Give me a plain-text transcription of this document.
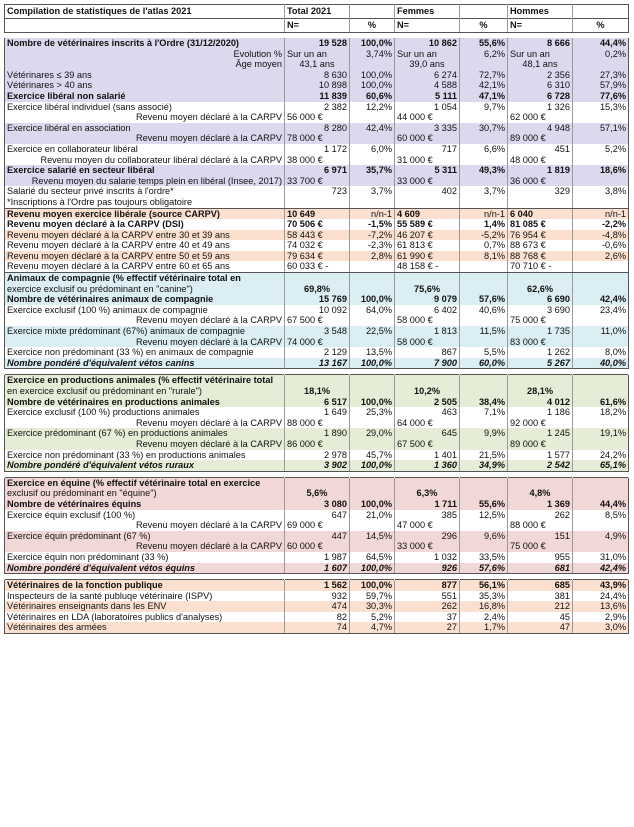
Compilation de statistiques de l'atlas 2021	Total 2021		Femmes		Hommes	
	N=	%	N=	%	N=	%

Nombre de vétérinaires inscrits à l'Ordre (31/12/2020)	19 528	100,0%	10 862	55,6%	8 666	44,4%
Evolution %	Sur un an	3,74%	Sur un an	6,2%	Sur un an	0,2%
Âge moyen	43,1 ans		39,0 ans		48,1 ans	
Vétérinares ≤ 39 ans	8 630	100,0%	6 274	72,7%	2 356	27,3%
Vétérinares > 40 ans	10 898	100,0%	4 588	42,1%	6 310	57,9%
Exercice libéral non salarié	11 839	60,6%	5 111	47,1%	6 728	77,6%
Exercice libéral individuel (sans associé)	2 382	12,2%	1 054	9,7%	1 326	15,3%
Revenu moyen déclaré à la CARPV	56 000 €		44 000 €		62 000 €	
Exercice libéral en association	8 280	42,4%	3 335	30,7%	4 948	57,1%
Revenu moyen déclaré à la CARPV	78 000 €		60 000 €		89 000 €	
Exercice en collaborateur libéral	1 172	6,0%	717	6,6%	451	5,2%
Revenu moyen du collaborateur libéral déclaré à la CARPV	38 000 €		31 000 €		48 000 €	
Exercice salarié en secteur libéral	6 971	35,7%	5 311	49,3%	1 819	18,6%
Revenu moyen du salarie temps plein en libéral (Insee, 2017)	33 700 €		33 000 €		36 000 €	
Salarié du secteur privé inscrits à l'ordre*	723	3,7%	402	3,7%	329	3,8%
*Inscriptions à l'Ordre pas toujours obligatoire						
Revenu moyen exercice libérale (source CARPV)	10 649	n/n-1	4 609	n/n-1	6 040	n/n-1
Revenu moyen déclaré à la CARPV (DSI)	70 506 €	-1,5%	55 589 €	1,4%	81 085 €	-2,2%
Revenu moyen déclaré à la CARPV entre 30 et 39 ans	58 443 €	-7,2%	46 207 €	-5,2%	76 954 €	-4,8%
Revenu moyen déclaré à la CARPV entre 40 et 49 ans	74 032 €	-2,3%	61 813 €	0,7%	88 673 €	-0,6%
Revenu moyen déclaré à la CARPV entre 50 et 59 ans	79 634 €	2,8%	61 990 €	8,1%	88 768 €	2,6%
Revenu moyen déclaré à la CARPV entre 60 et 65 ans	60 033 € -		48 158 € -		70 710 € -	
Animaux de compagnie (% effectif vétérinaire total en						
exercice exclusif ou prédominant en "canine")	69,8%		75,6%		62,6%	
Nombre de vétérinaires animaux de compagnie	15 769	100,0%	9 079	57,6%	6 690	42,4%
Exercice exclusif (100 %) animaux de compagnie	10 092	64,0%	6 402	40,6%	3 690	23,4%
Revenu moyen déclaré à la CARPV	67 500 €		58 000 €		75 000 €	
Exercice mixte prédominant (67%) animaux de compagnie	3 548	22,5%	1 813	11,5%	1 735	11,0%
Revenu moyen déclaré à la CARPV	74 000 €		58 000 €		83 000 €	
Exercice non prédominant (33 %) en animaux de compagnie	2 129	13,5%	867	5,5%	1 262	8,0%
Nombre pondéré d'équivalent vétos canins	13 167	100,0%	7 900	60,0%	5 267	40,0%

Exercice en productions animales (% effectif vétérinaire total						
en exercice exclusif ou prédominant en "rurale")	18,1%		10,2%		28,1%	
Nombre de vétérinaires en productions animales	6 517	100,0%	2 505	38,4%	4 012	61,6%
Exercice exclusif (100 %) productions animales	1 649	25,3%	463	7,1%	1 186	18,2%
Revenu moyen déclaré à la CARPV	88 000 €		64 000 €		92 000 €	
Exercice prédominant (67 %) en productions animales	1 890	29,0%	645	9,9%	1 245	19,1%
Revenu moyen déclaré à la CARPV	86 000 €		67 500 €		89 000 €	
Exercice non prédominant (33 %) en productions animales	2 978	45,7%	1 401	21,5%	1 577	24,2%
Nombre pondéré d'équivalent vétos ruraux	3 902	100,0%	1 360	34,9%	2 542	65,1%

Exercice en équine (% effectif vétérinaire total en exercice						
exclusif ou prédominant en "équine")	5,6%		6,3%		4,8%	
Nombre de vétérinaires équins	3 080	100,0%	1 711	55,6%	1 369	44,4%
Exercice équin exclusif (100 %)	647	21,0%	385	12,5%	262	8,5%
Revenu moyen déclaré à la CARPV	69 000 €		47 000 €		88 000 €	
Exercice équin prédominant (67 %)	447	14,5%	296	9,6%	151	4,9%
Revenu moyen déclaré à la CARPV	60 000 €		33 000 €		75 000 €	
Exercice équin non prédominant (33 %)	1 987	64,5%	1 032	33,5%	955	31,0%
Nombre pondéré d'équivalent vétos équins	1 607	100,0%	926	57,6%	681	42,4%

Vétérinaires de la fonction publique	1 562	100,0%	877	56,1%	685	43,9%
Inspecteurs de la santé publuqe vétérinaire (ISPV)	932	59,7%	551	35,3%	381	24,4%
Vétérinaires enseignants dans les ENV	474	30,3%	262	16,8%	212	13,6%
Vétérinaires en LDA (laboratoires publics d'analyses)	82	5,2%	37	2,4%	45	2,9%
Vétérinaires des armées	74	4,7%	27	1,7%	47	3,0%
